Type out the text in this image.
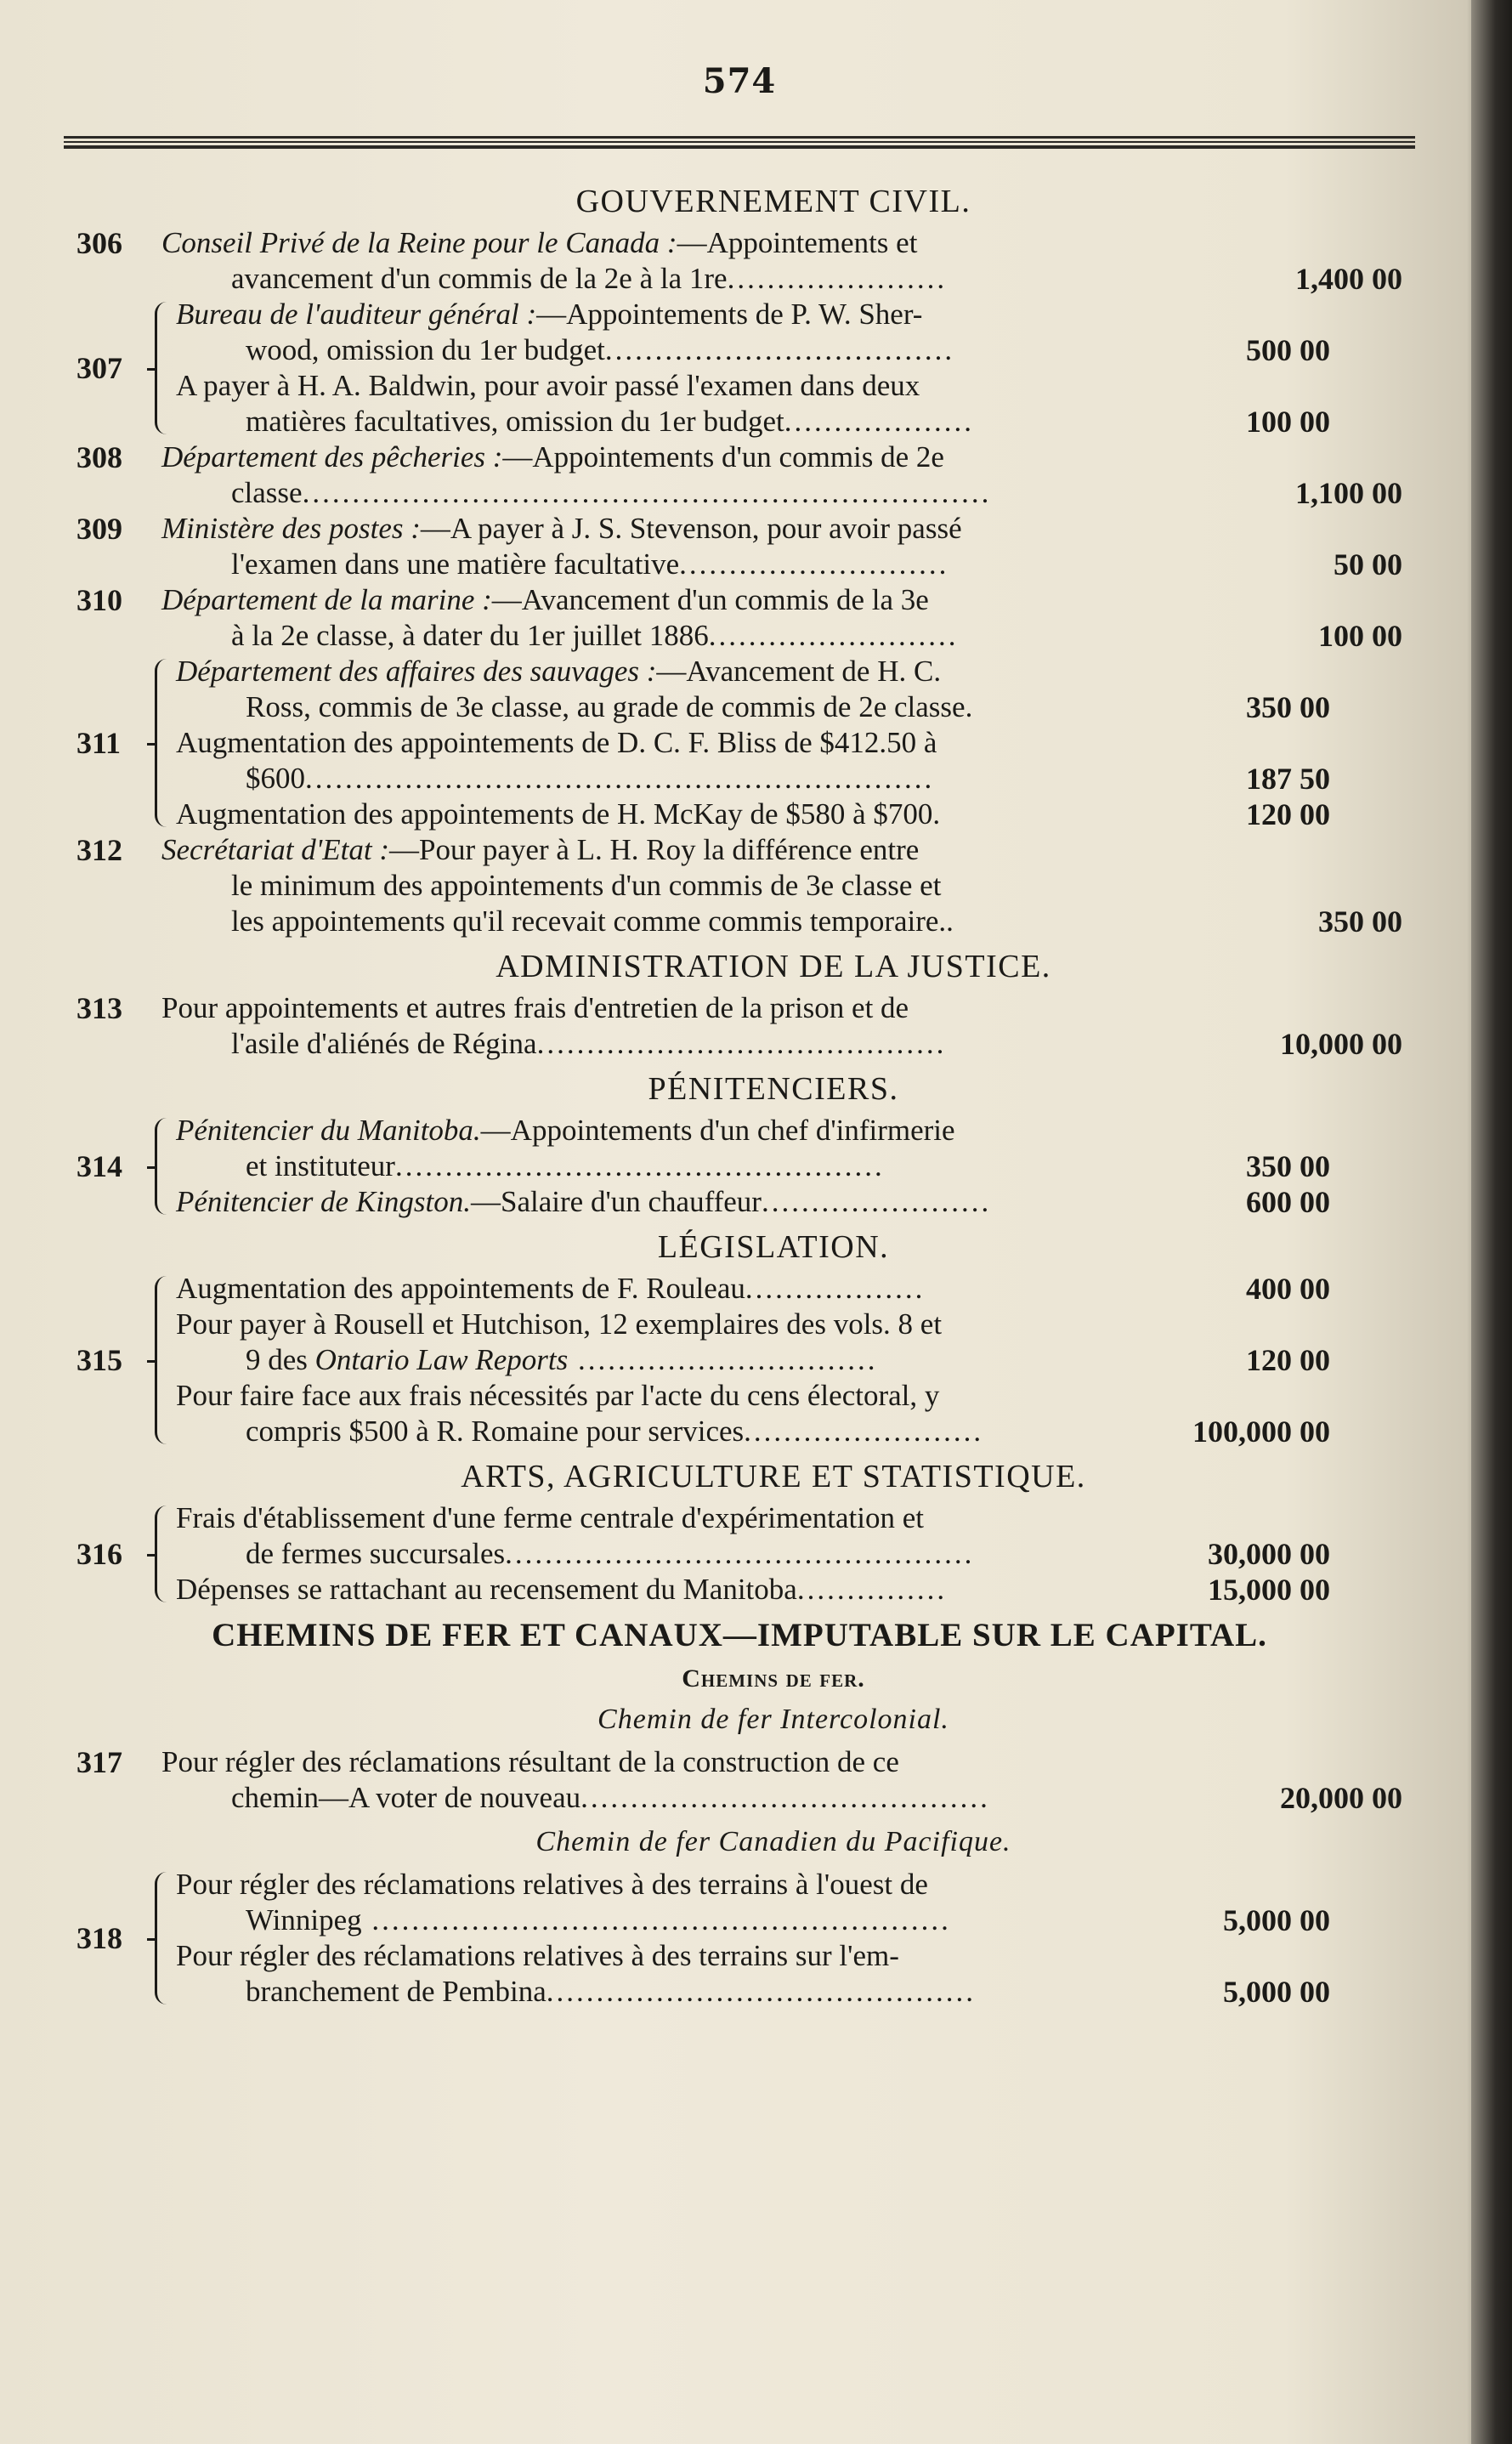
574
GOUVERNEMENT CIVIL.
306	Conseil Privé de la Reine pour le Canada :—Appointements et
avancement d'un commis de la 2e à la 1re......................	1,400 00
307
Bureau de l'auditeur général :—Appointements de P. W. Sher-
wood, omission du 1er budget...................................	500 00
A payer à H. A. Baldwin, pour avoir passé l'examen dans deux
matières facultatives, omission du 1er budget...................	100 00
308	Département des pêcheries :—Appointements d'un commis de 2e
classe.....................................................................	1,100 00
309	Ministère des postes :—A payer à J. S. Stevenson, pour avoir passé
l'examen dans une matière facultative...........................	50 00
310	Département de la marine :—Avancement d'un commis de la 3e
à la 2e classe, à dater du 1er juillet 1886.........................	100 00
311
Département des affaires des sauvages :—Avancement de H. C.
Ross, commis de 3e classe, au grade de commis de 2e classe.	350 00
Augmentation des appointements de D. C. F. Bliss de $412.50 à
$600...............................................................	187 50
Augmentation des appointements de H. McKay de $580 à $700.	120 00
312	Secrétariat d'Etat :—Pour payer à L. H. Roy la différence entre
le minimum des appointements d'un commis de 3e classe et
les appointements qu'il recevait comme commis temporaire..	350 00
ADMINISTRATION DE LA JUSTICE.
313	Pour appointements et autres frais d'entretien de la prison et de
l'asile d'aliénés de Régina.........................................	10,000 00
PÉNITENCIERS.
314
Pénitencier du Manitoba.—Appointements d'un chef d'infirmerie
et instituteur.................................................	350 00
Pénitencier de Kingston.—Salaire d'un chauffeur.......................	600 00
LÉGISLATION.
315
Augmentation des appointements de F. Rouleau..................	400 00
Pour payer à Rousell et Hutchison, 12 exemplaires des vols. 8 et
9 des Ontario Law Reports ..............................	120 00
Pour faire face aux frais nécessités par l'acte du cens électoral, y
compris $500 à R. Romaine pour services........................	100,000 00
ARTS, AGRICULTURE ET STATISTIQUE.
316
Frais d'établissement d'une ferme centrale d'expérimentation et
de fermes succursales...............................................	30,000 00
Dépenses se rattachant au recensement du Manitoba...............	15,000 00
CHEMINS DE FER ET CANAUX—IMPUTABLE SUR LE CAPITAL.
Chemins de fer.
Chemin de fer Intercolonial.
317	Pour régler des réclamations résultant de la construction de ce
chemin—A voter de nouveau.........................................	20,000 00
Chemin de fer Canadien du Pacifique.
318
Pour régler des réclamations relatives à des terrains à l'ouest de
Winnipeg ..........................................................	5,000 00
Pour régler des réclamations relatives à des terrains sur l'em-
branchement de Pembina...........................................	5,000 00
